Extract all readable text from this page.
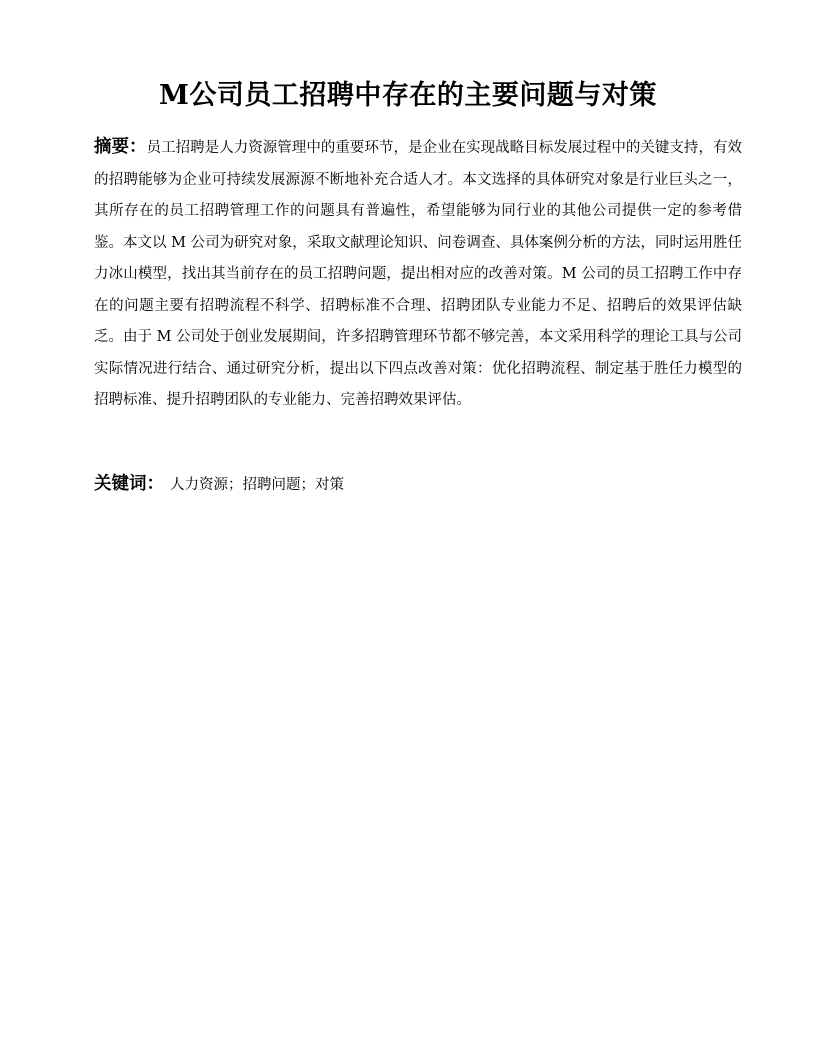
M公司员工招聘中存在的主要问题与对策
摘要：员工招聘是人力资源管理中的重要环节，是企业在实现战略目标发展过程中的关键支持，有效的招聘能够为企业可持续发展源源不断地补充合适人才。本文选择的具体研究对象是行业巨头之一，其所存在的员工招聘管理工作的问题具有普遍性，希望能够为同行业的其他公司提供一定的参考借鉴。本文以 M 公司为研究对象，采取文献理论知识、问卷调查、具体案例分析的方法，同时运用胜任力冰山模型，找出其当前存在的员工招聘问题，提出相对应的改善对策。M 公司的员工招聘工作中存在的问题主要有招聘流程不科学、招聘标准不合理、招聘团队专业能力不足、招聘后的效果评估缺乏。由于 M 公司处于创业发展期间，许多招聘管理环节都不够完善，本文采用科学的理论工具与公司实际情况进行结合、通过研究分析，提出以下四点改善对策：优化招聘流程、制定基于胜任力模型的招聘标准、提升招聘团队的专业能力、完善招聘效果评估。
关键词： 人力资源；招聘问题；对策
